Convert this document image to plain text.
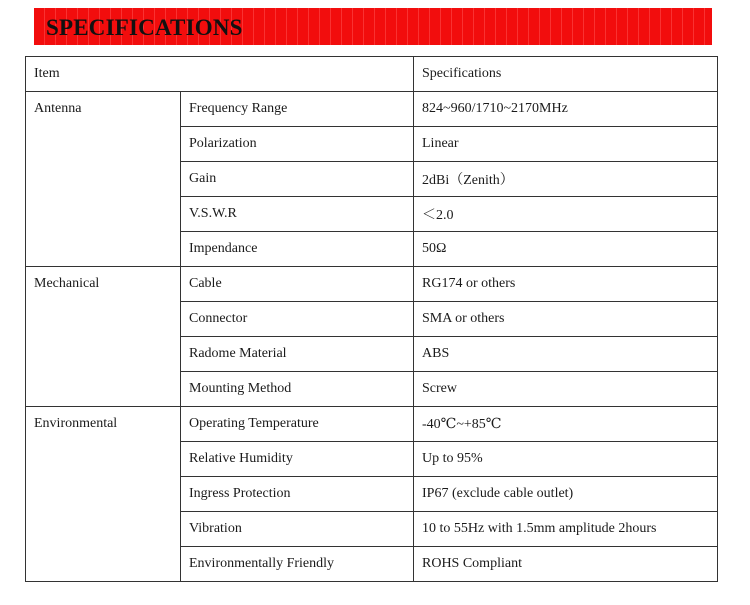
SPECIFICATIONS
Item		Specifications
Antenna	Frequency Range	824~960/1710~2170MHz
	Polarization	Linear
	Gain	2dBi（Zenith）
	V.S.W.R	＜2.0
	Impendance	50Ω
Mechanical	Cable	RG174 or others
	Connector	SMA or others
	Radome Material	ABS
	Mounting Method	Screw
Environmental	Operating Temperature	-40℃~+85℃
	Relative Humidity	Up to 95%
	Ingress Protection	IP67 (exclude cable outlet)
	Vibration	10 to 55Hz with 1.5mm amplitude 2hours
	Environmentally Friendly	ROHS Compliant
